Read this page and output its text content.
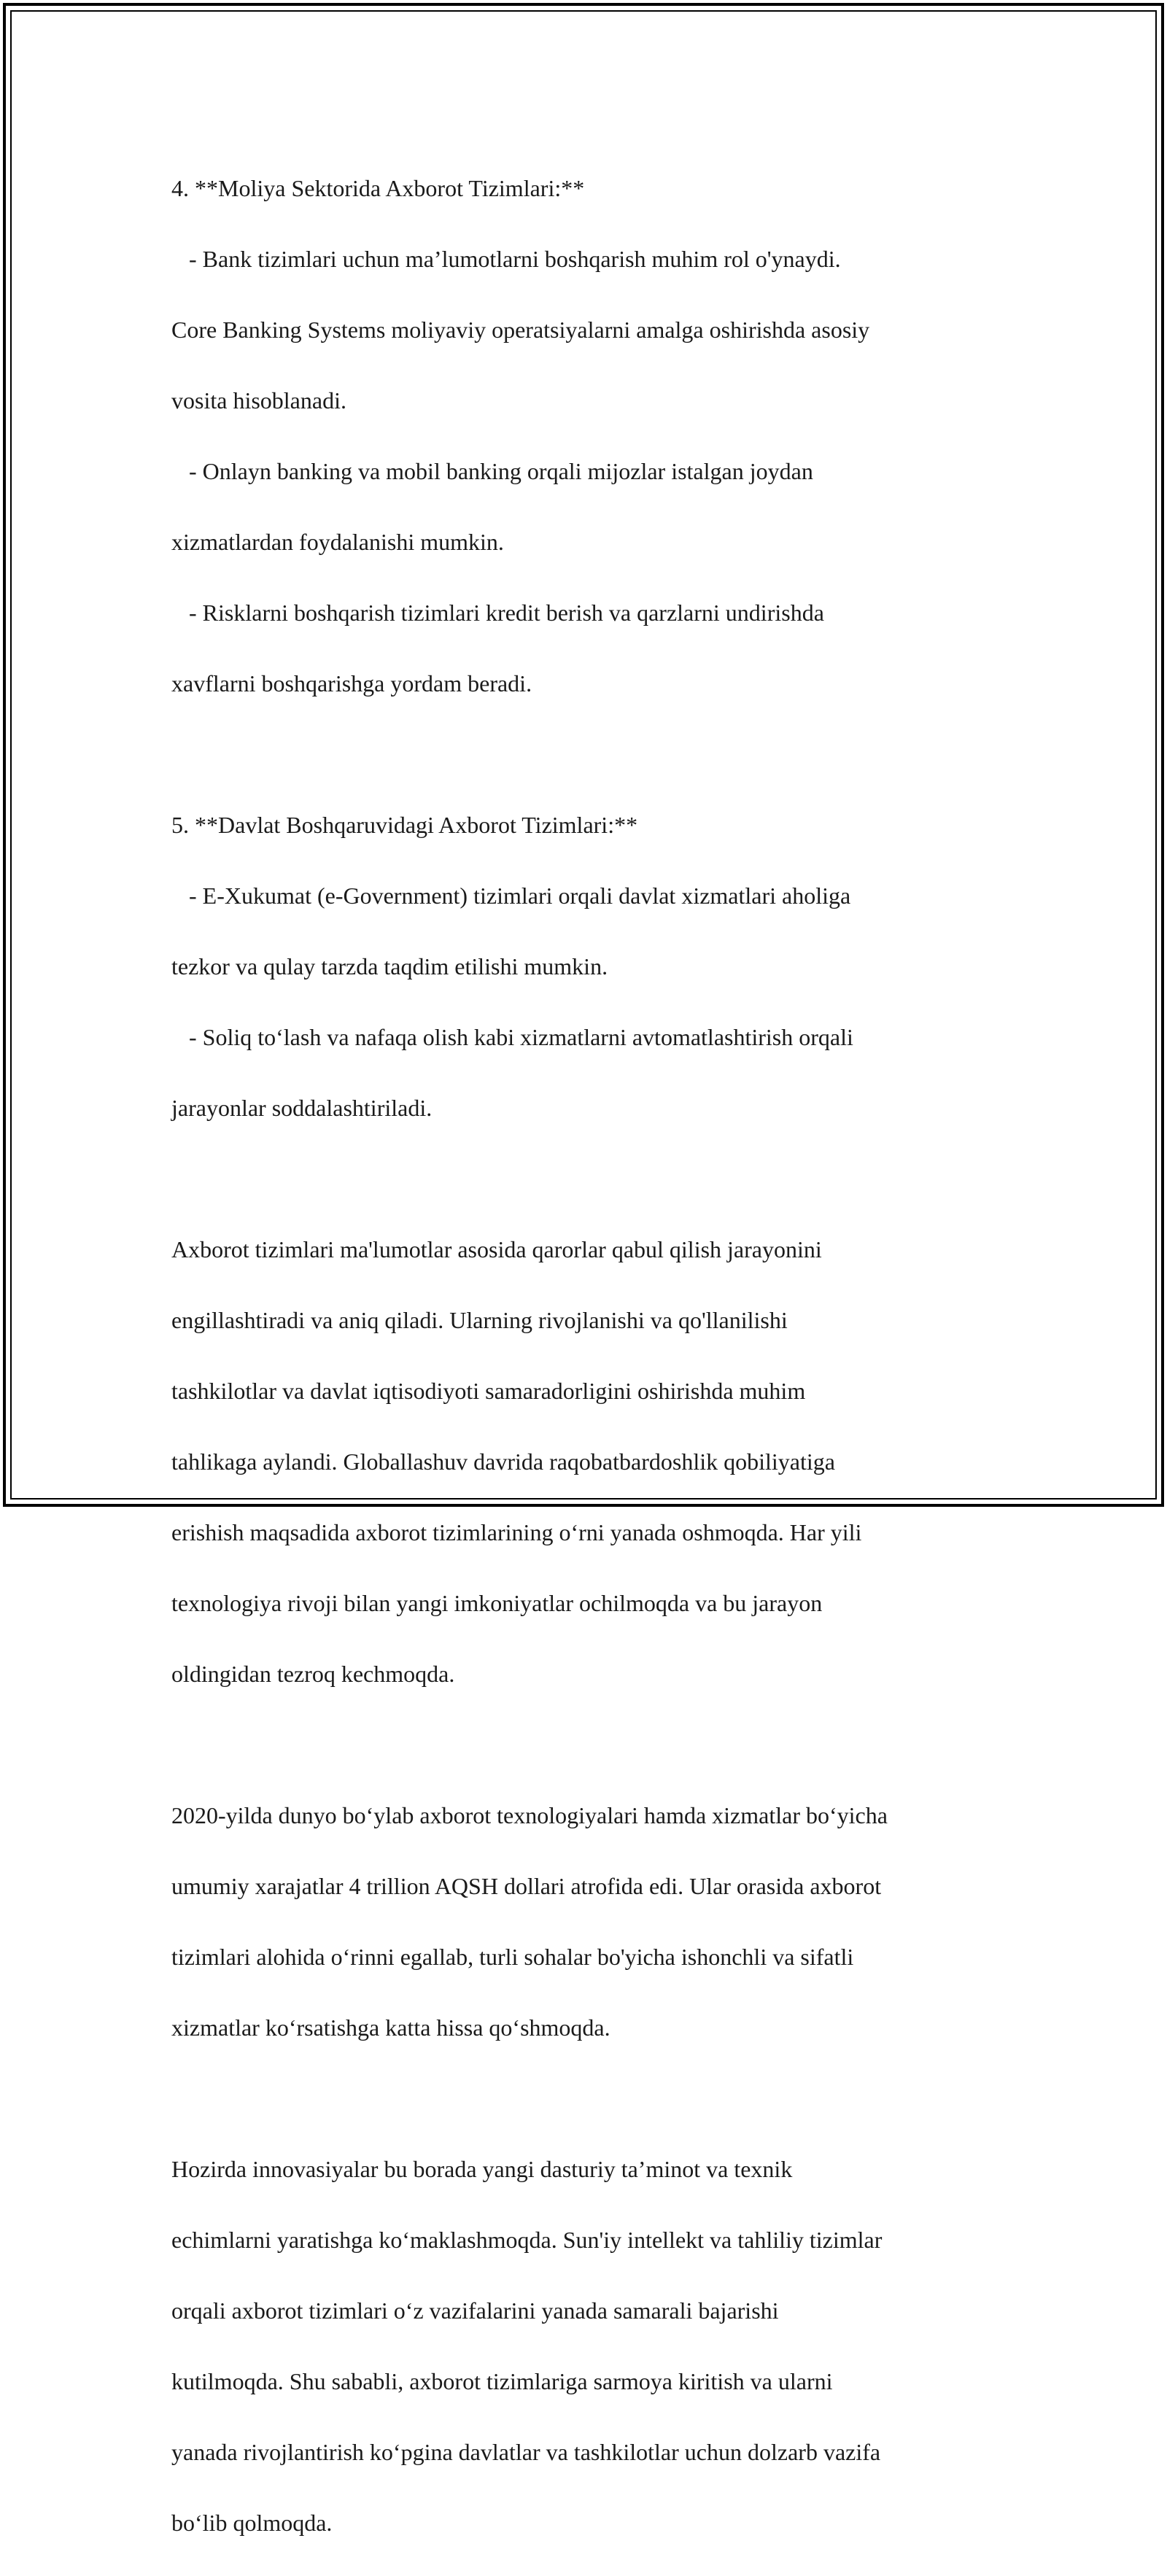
4. **Moliya Sektorida Axborot Tizimlari:**

- Bank tizimlari uchun ma’lumotlarni boshqarish muhim rol o'ynaydi.

Core Banking Systems moliyaviy operatsiyalarni amalga oshirishda asosiy

vosita hisoblanadi.

- Onlayn banking va mobil banking orqali mijozlar istalgan joydan

xizmatlardan foydalanishi mumkin.

- Risklarni boshqarish tizimlari kredit berish va qarzlarni undirishda

xavflarni boshqarishga yordam beradi.

5. **Davlat Boshqaruvidagi Axborot Tizimlari:**

- E-Xukumat (e-Government) tizimlari orqali davlat xizmatlari aholiga

tezkor va qulay tarzda taqdim etilishi mumkin.

- Soliq to‘lash va nafaqa olish kabi xizmatlarni avtomatlashtirish orqali

jarayonlar soddalashtiriladi.

Axborot tizimlari ma'lumotlar asosida qarorlar qabul qilish jarayonini

engillashtiradi va aniq qiladi. Ularning rivojlanishi va qo'llanilishi

tashkilotlar va davlat iqtisodiyoti samaradorligini oshirishda muhim

tahlikaga aylandi. Globallashuv davrida raqobatbardoshlik qobiliyatiga

erishish maqsadida axborot tizimlarining o‘rni yanada oshmoqda. Har yili

texnologiya rivoji bilan yangi imkoniyatlar ochilmoqda va bu jarayon

oldingidan tezroq kechmoqda.

2020-yilda dunyo bo‘ylab axborot texnologiyalari hamda xizmatlar bo‘yicha

umumiy xarajatlar 4 trillion AQSH dollari atrofida edi. Ular orasida axborot

tizimlari alohida o‘rinni egallab, turli sohalar bo'yicha ishonchli va sifatli

xizmatlar ko‘rsatishga katta hissa qo‘shmoqda.

Hozirda innovasiyalar bu borada yangi dasturiy ta’minot va texnik

echimlarni yaratishga ko‘maklashmoqda. Sun'iy intellekt va tahliliy tizimlar

orqali axborot tizimlari o‘z vazifalarini yanada samarali bajarishi

kutilmoqda. Shu sababli, axborot tizimlariga sarmoya kiritish va ularni

yanada rivojlantirish ko‘pgina davlatlar va tashkilotlar uchun dolzarb vazifa

bo‘lib qolmoqda.
